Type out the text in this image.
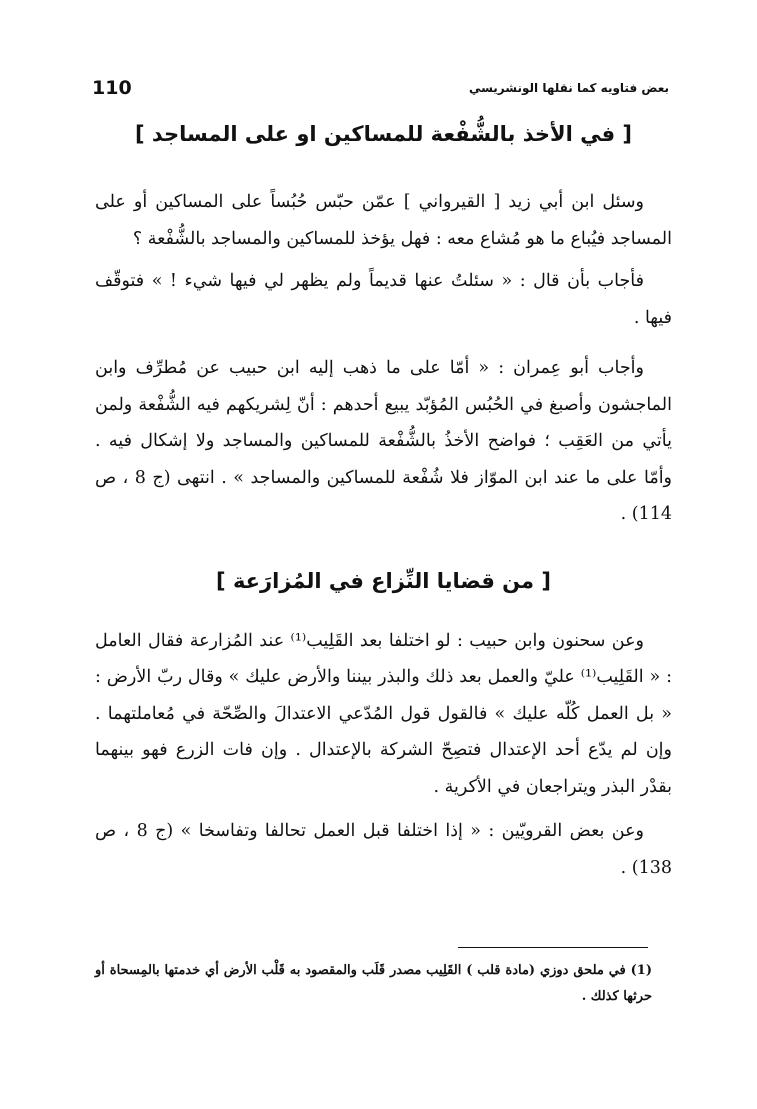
110	بعض فتاويه كما نقلها الونشريسي
[ في الأخذ بالشُّفْعة للمساكين او على المساجد ]

وسئل ابن أبي زيد [ القيرواني ] عمّن حبّس حُبُساً على المساكين أو على المساجد فيُباع ما هو مُشاع معه : فهل يؤخذ للمساكين والمساجد بالشُّفْعة ؟

فأجاب بأن قال : « سئلتُ عنها قديماً ولم يظهر لي فيها شيء ! » فتوقّف فيها .

وأجاب أبو عِمران : « أمّا على ما ذهب إليه ابن حبيب عن مُطرِّف وابن الماجشون وأصبغ في الحُبُس المُؤبّد يبيع أحدهم : أنّ لِشريكهم فيه الشُّفْعة ولمن يأتي من العَقِب ؛ فواضح الأخذُ بالشُّفْعة للمساكين والمساجد ولا إشكال فيه . وأمّا على ما عند ابن الموّاز فلا شُفْعة للمساكين والمساجد » . انتهى (ج 8 ، ص 114) .

[ من قضايا النِّزاع في المُزارَعة ]

وعن سحنون وابن حبيب : لو اختلفا بعد القَلِيب⁽¹⁾ عند المُزارعة فقال العامل : « القَلِيب⁽¹⁾ عليّ والعمل بعد ذلك والبذر بيننا والأرض عليك » وقال ربّ الأرض : « بل العمل كُلّه عليك » فالقول قول المُدّعي الاعتدالَ والصِّحّة في مُعاملتهما . وإن لم يدّع أحد الإعتدال فتصِحّ الشركة بالإعتدال . وإن فات الزرع فهو بينهما بقدْر البذر ويتراجعان في الأكرية .

وعن بعض القرويّين : « إذا اختلفا قبل العمل تحالفا وتفاسخا » (ج 8 ، ص 138) .

(1) في ملحق دوزي (مادة قلب ) القَلِيب مصدر قَلَب والمقصود به قَلْب الأرض أي خدمتها بالمِسحاة أو حرثها كذلك .
